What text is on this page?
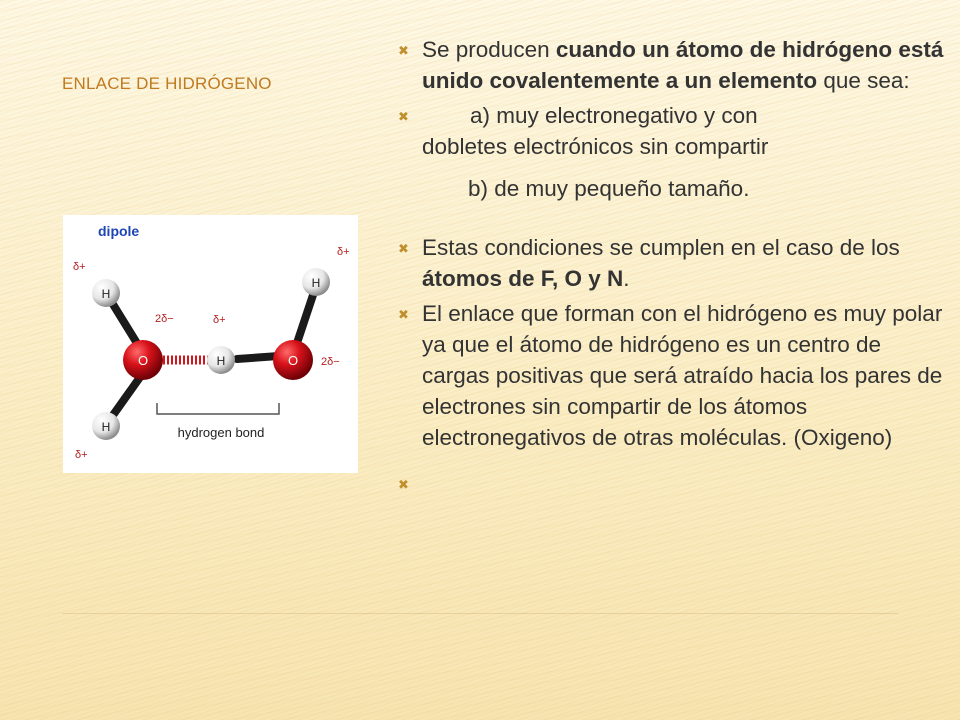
ENLACE DE HIDRÓGENO
dipole
O	O
H
H
H
H
δ+
δ+
δ+
δ+
2δ−
2δ−
hydrogen bond
✖ Se producen cuando un átomo de hidrógeno está unido covalentemente a un elemento que sea:
✖	a) muy electronegativo y con
dobletes electrónicos sin compartir
b) de muy pequeño tamaño.
✖ Estas condiciones se cumplen en el caso de los átomos de F, O y N.
✖ El enlace que forman con el hidrógeno es muy polar ya que el átomo de hidrógeno es un centro de cargas positivas que será atraído hacia los pares de electrones sin compartir de los átomos electronegativos de otras moléculas. (Oxigeno)
✖
